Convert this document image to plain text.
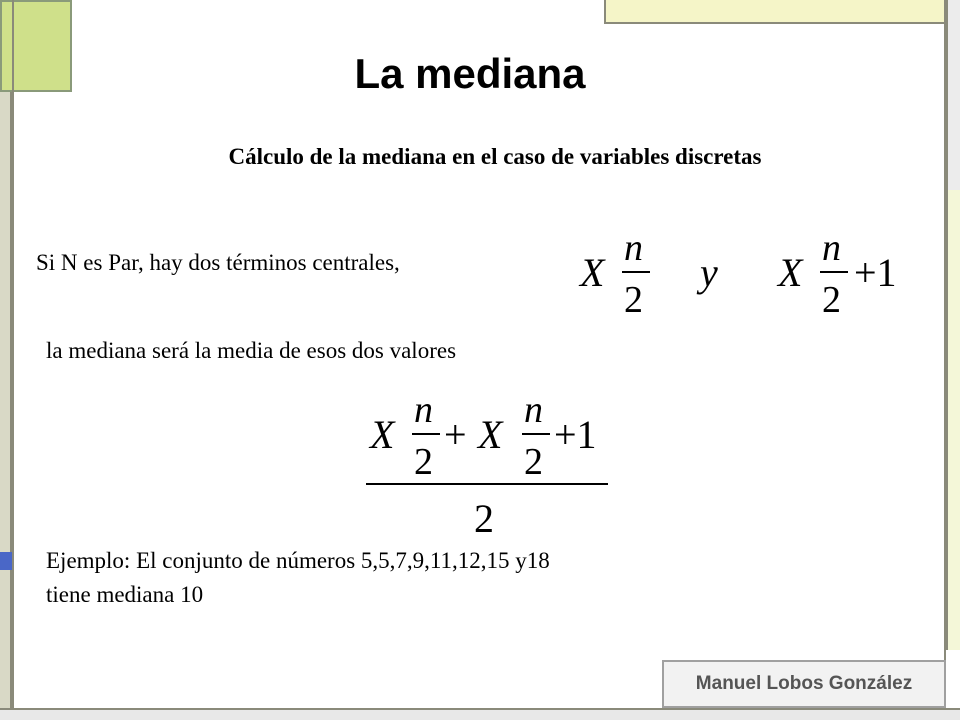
La mediana
Cálculo de la mediana en el caso de variables discretas
Si N es Par, hay dos términos centrales,	X
n
2
y X
n
2
+1
la mediana será la media de esos dos valores
X
n
2
+ X
n
2
+1
2
Ejemplo: El conjunto de números 5,5,7,9,11,12,15 y18
tiene mediana 10
Manuel Lobos González
